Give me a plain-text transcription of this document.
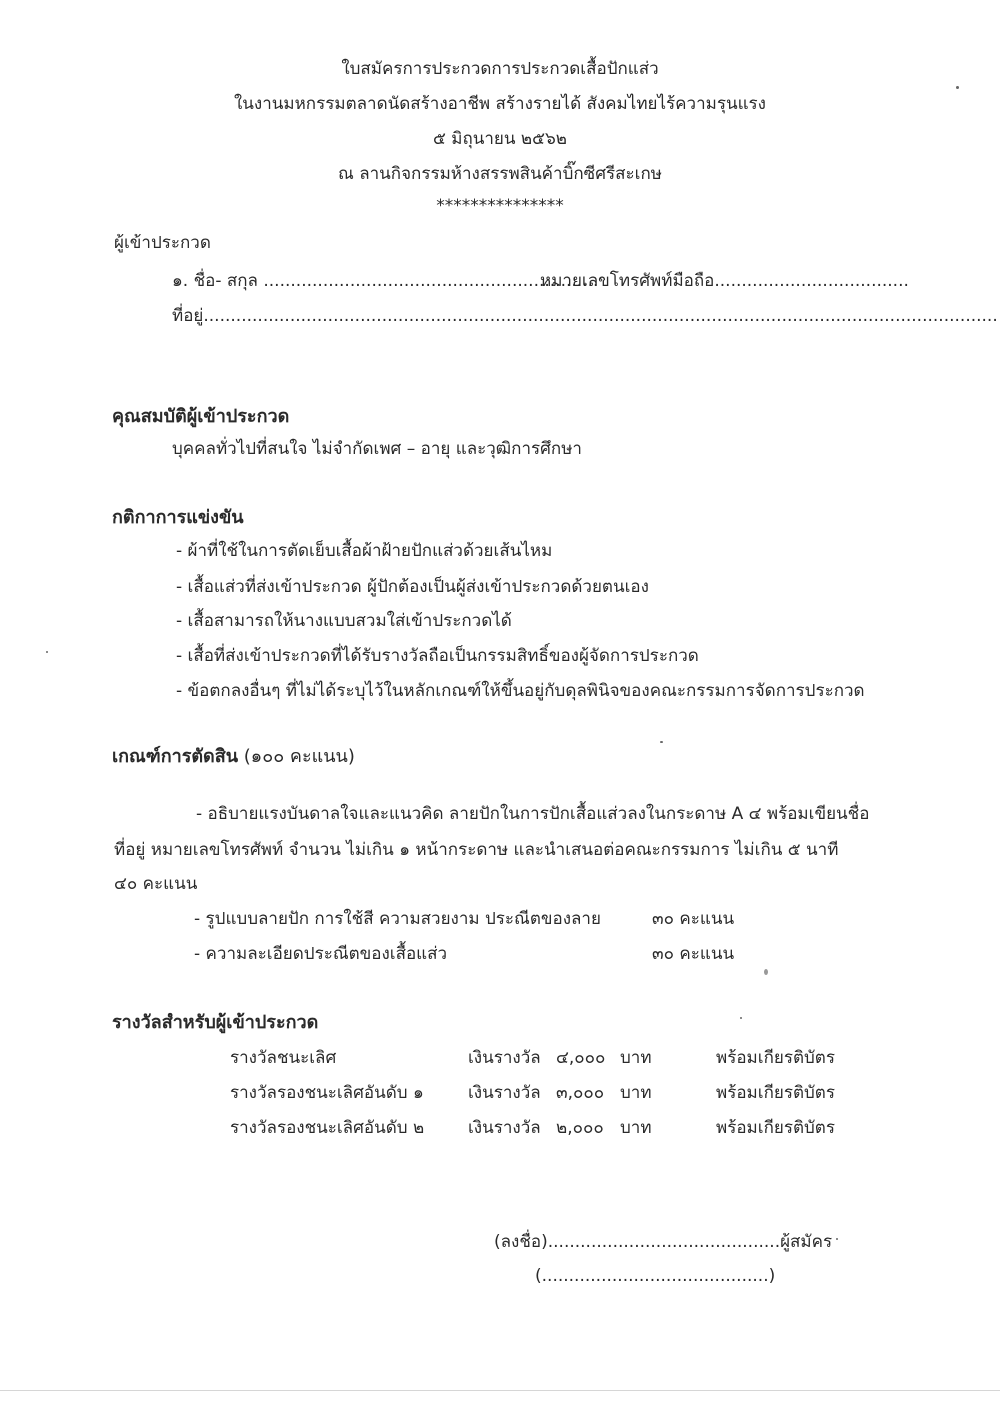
ใบสมัครการประกวดการประกวดเสื้อปักแส่ว
ในงานมหกรรมตลาดนัดสร้างอาชีพ สร้างรายได้ สังคมไทยไร้ความรุนแรง
๕ มิถุนายน ๒๕๖๒
ณ ลานกิจกรรมห้างสรรพสินค้าบิ๊กซีศรีสะเกษ
***************
ผู้เข้าประกวด
๑. ชื่อ- สกุล ..............................................................
หมายเลขโทรศัพท์มือถือ....................................
ที่อยู่...................................................................................................................................................
คุณสมบัติผู้เข้าประกวด
บุคคลทั่วไปที่สนใจ ไม่จำกัดเพศ – อายุ และวุฒิการศึกษา
กติกาการแข่งขัน
- ผ้าที่ใช้ในการตัดเย็บเสื้อผ้าฝ้ายปักแส่วด้วยเส้นไหม
- เสื้อแส่วที่ส่งเข้าประกวด ผู้ปักต้องเป็นผู้ส่งเข้าประกวดด้วยตนเอง
- เสื้อสามารถให้นางแบบสวมใส่เข้าประกวดได้
- เสื้อที่ส่งเข้าประกวดที่ได้รับรางวัลถือเป็นกรรมสิทธิ์ของผู้จัดการประกวด
- ข้อตกลงอื่นๆ ที่ไม่ได้ระบุไว้ในหลักเกณฑ์ให้ขึ้นอยู่กับดุลพินิจของคณะกรรมการจัดการประกวด
เกณฑ์การตัดสิน (๑๐๐ คะแนน)
- อธิบายแรงบันดาลใจและแนวคิด ลายปักในการปักเสื้อแส่วลงในกระดาษ A ๔ พร้อมเขียนชื่อ
ที่อยู่ หมายเลขโทรศัพท์ จำนวน ไม่เกิน ๑ หน้ากระดาษ และนำเสนอต่อคณะกรรมการ ไม่เกิน ๕ นาที
๔๐ คะแนน
- รูปแบบลายปัก การใช้สี ความสวยงาม ประณีตของลาย	๓๐ คะแนน
- ความละเอียดประณีตของเสื้อแส่ว	๓๐ คะแนน
รางวัลสำหรับผู้เข้าประกวด
รางวัลชนะเลิศ	เงินรางวัล ๔,๐๐๐ บาท	พร้อมเกียรติบัตร
รางวัลรองชนะเลิศอันดับ ๑	เงินรางวัล ๓,๐๐๐ บาท	พร้อมเกียรติบัตร
รางวัลรองชนะเลิศอันดับ ๒	เงินรางวัล ๒,๐๐๐ บาท	พร้อมเกียรติบัตร
(ลงชื่อ)...........................................ผู้สมัคร
(..........................................)
